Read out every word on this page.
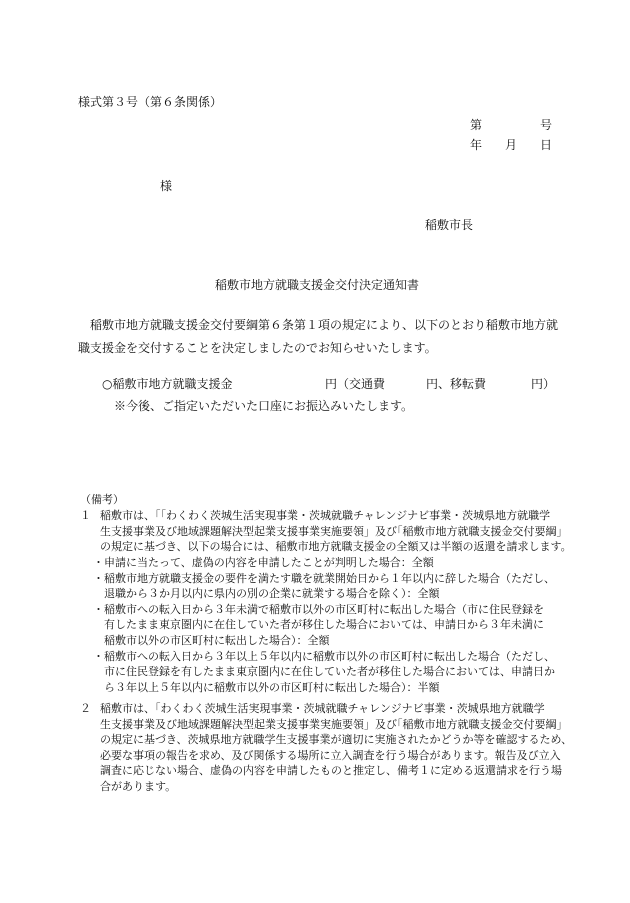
様式第３号（第６条関係）
第	号
年 月 日
様
稲敷市長
稲敷市地方就職支援金交付決定通知書
稲敷市地方就職支援金交付要綱第６条第１項の規定により、以下のとおり稲敷市地方就
職支援金を交付することを決定しましたのでお知らせいたします。
○稲敷市地方就職支援金	円（交通費	円、移転費	円）
※今後、ご指定いただいた口座にお振込みいたします。
（備考）
１ 稲敷市は、｢「わくわく茨城生活実現事業・茨城就職チャレンジナビ事業・茨城県地方就職学
生支援事業及び地域課題解決型起業支援事業実施要領」及び｢稲敷市地方就職支援金交付要綱｣
の規定に基づき、以下の場合には、稲敷市地方就職支援金の全額又は半額の返還を請求します。
・申請に当たって、虚偽の内容を申請したことが判明した場合：全額
・稲敷市地方就職支援金の要件を満たす職を就業開始日から１年以内に辞した場合（ただし、
　退職から３か月以内に県内の別の企業に就業する場合を除く）：全額
・稲敷市への転入日から３年未満で稲敷市以外の市区町村に転出した場合（市に住民登録を
　有したまま東京圏内に在住していた者が移住した場合においては、申請日から３年未満に
　稲敷市以外の市区町村に転出した場合）：全額
・稲敷市への転入日から３年以上５年以内に稲敷市以外の市区町村に転出した場合（ただし、
　市に住民登録を有したまま東京圏内に在住していた者が移住した場合においては、申請日か
　ら３年以上５年以内に稲敷市以外の市区町村に転出した場合）：半額
２ 稲敷市は、「わくわく茨城生活実現事業・茨城就職チャレンジナビ事業・茨城県地方就職学
生支援事業及び地域課題解決型起業支援事業実施要領」及び｢稲敷市地方就職支援金交付要綱｣
の規定に基づき、茨城県地方就職学生支援事業が適切に実施されたかどうか等を確認するため、
必要な事項の報告を求め、及び関係する場所に立入調査を行う場合があります。報告及び立入
調査に応じない場合、虚偽の内容を申請したものと推定し、備考１に定める返還請求を行う場
合があります。
